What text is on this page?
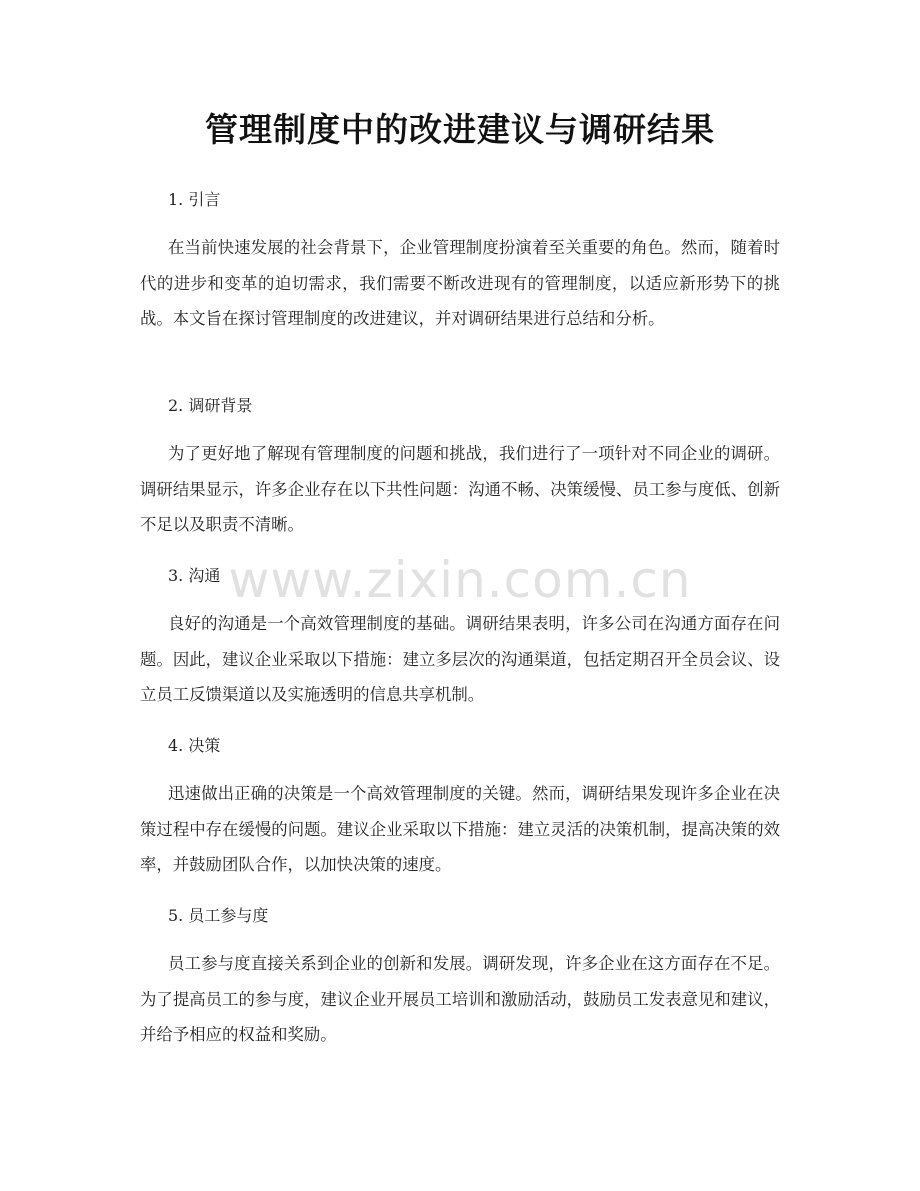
管理制度中的改进建议与调研结果
1. 引言

在当前快速发展的社会背景下，企业管理制度扮演着至关重要的角色。然而，随着时代的进步和变革的迫切需求，我们需要不断改进现有的管理制度，以适应新形势下的挑战。本文旨在探讨管理制度的改进建议，并对调研结果进行总结和分析。

2. 调研背景

为了更好地了解现有管理制度的问题和挑战，我们进行了一项针对不同企业的调研。调研结果显示，许多企业存在以下共性问题：沟通不畅、决策缓慢、员工参与度低、创新不足以及职责不清晰。

3. 沟通

良好的沟通是一个高效管理制度的基础。调研结果表明，许多公司在沟通方面存在问题。因此，建议企业采取以下措施：建立多层次的沟通渠道，包括定期召开全员会议、设立员工反馈渠道以及实施透明的信息共享机制。

4. 决策

迅速做出正确的决策是一个高效管理制度的关键。然而，调研结果发现许多企业在决策过程中存在缓慢的问题。建议企业采取以下措施：建立灵活的决策机制，提高决策的效率，并鼓励团队合作，以加快决策的速度。

5. 员工参与度

员工参与度直接关系到企业的创新和发展。调研发现，许多企业在这方面存在不足。为了提高员工的参与度，建议企业开展员工培训和激励活动，鼓励员工发表意见和建议，并给予相应的权益和奖励。

www.zixin.com.cn
